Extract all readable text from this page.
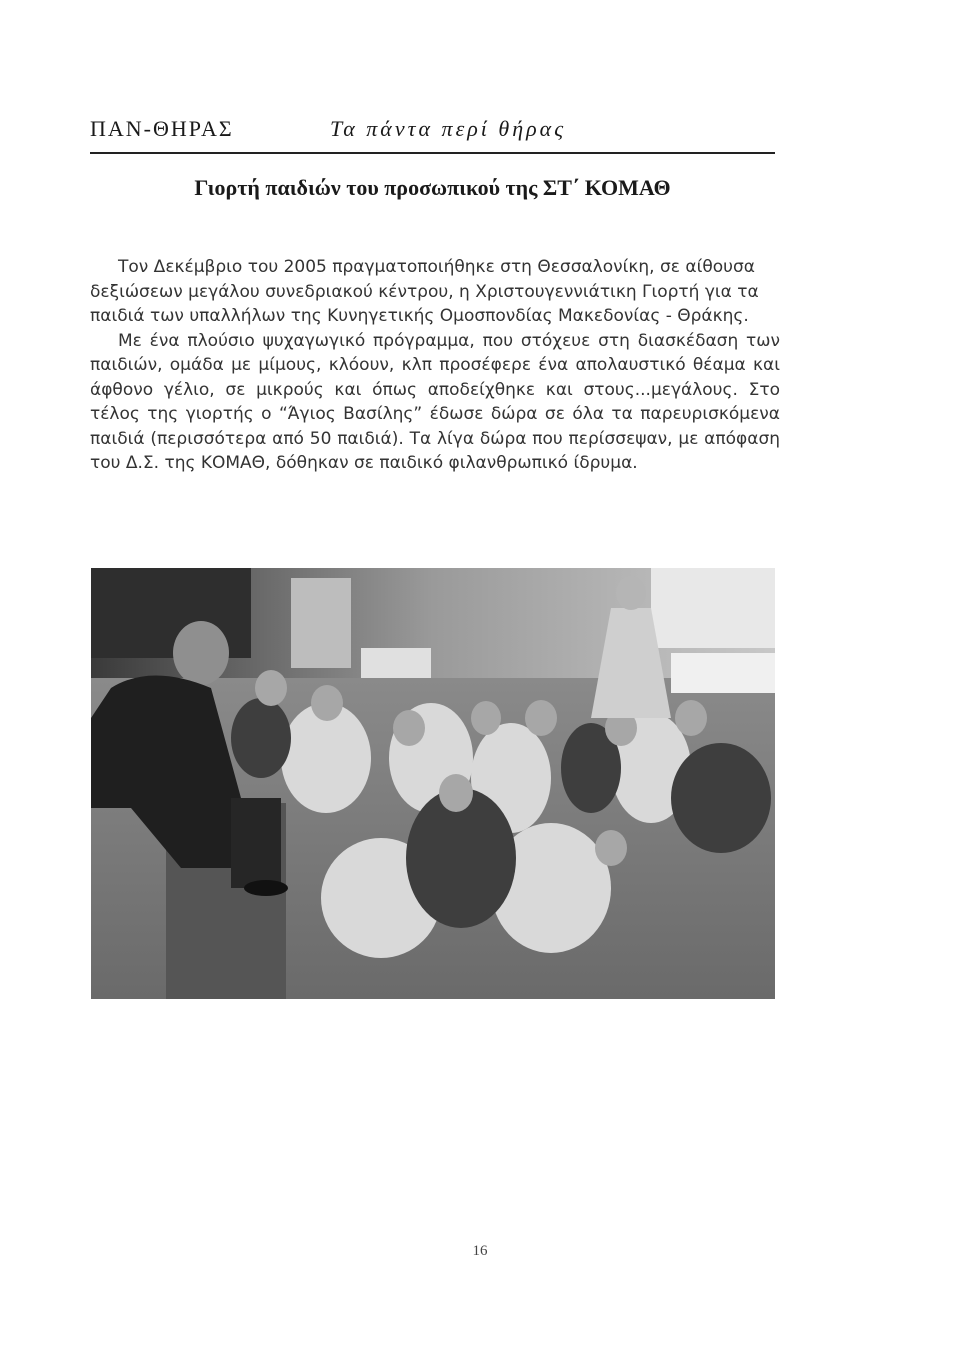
ΠΑΝ-ΘΗΡΑΣ	Τα πάντα περί θήρας
Γιορτή παιδιών του προσωπικού της ΣΤ΄ ΚΟΜΑΘ

Τον Δεκέμβριο του 2005 πραγματοποιήθηκε στη Θεσσαλονίκη, σε αίθουσα δεξιώσεων μεγάλου συνεδριακού κέντρου, η Χριστουγεννιάτικη Γιορτή για τα παιδιά των υπαλλήλων της Κυνηγετικής Ομοσπονδίας Μακεδονίας - Θράκης.

Με ένα πλούσιο ψυχαγωγικό πρόγραμμα, που στόχευε στη διασκέδαση των παιδιών, ομάδα με μίμους, κλόουν, κλπ προσέφερε ένα απολαυστικό θέαμα και άφθονο γέλιο, σε μικρούς και όπως αποδείχθηκε και στους...μεγάλους. Στο τέλος της γιορτής ο “Άγιος Βασίλης” έδωσε δώρα σε όλα τα παρευρισκόμενα παιδιά (περισσότερα από 50 παιδιά). Τα λίγα δώρα που περίσσεψαν, με απόφαση του Δ.Σ. της ΚΟΜΑΘ, δόθηκαν σε παιδικό φιλανθρωπικό ίδρυμα.

16
